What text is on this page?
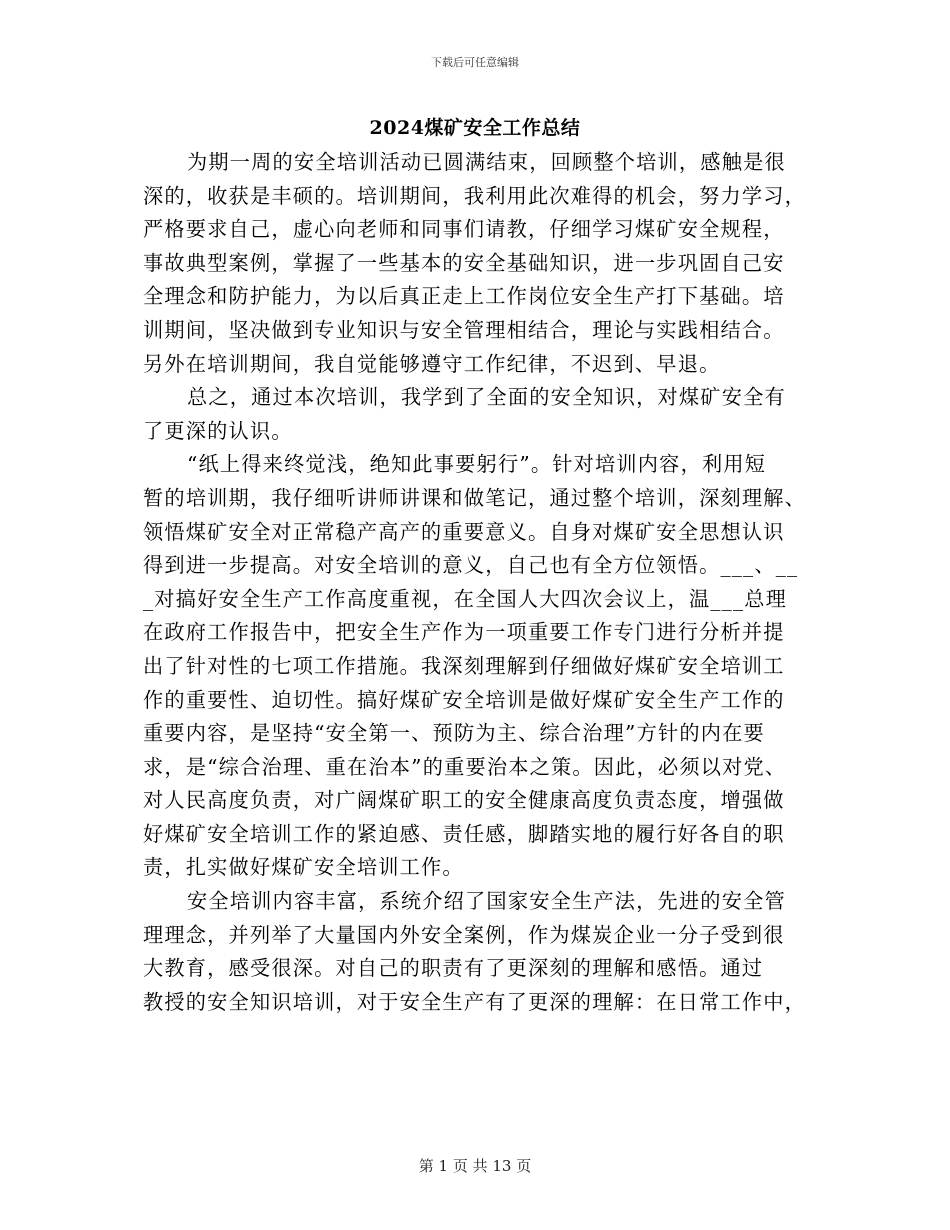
下载后可任意编辑
2024煤矿安全工作总结
为期一周的安全培训活动已圆满结束，回顾整个培训，感触是很
深的，收获是丰硕的。培训期间，我利用此次难得的机会，努力学习，
严格要求自己，虚心向老师和同事们请教，仔细学习煤矿安全规程，
事故典型案例，掌握了一些基本的安全基础知识，进一步巩固自己安
全理念和防护能力，为以后真正走上工作岗位安全生产打下基础。培
训期间，坚决做到专业知识与安全管理相结合，理论与实践相结合。
另外在培训期间，我自觉能够遵守工作纪律，不迟到、早退。
总之，通过本次培训，我学到了全面的安全知识，对煤矿安全有
了更深的认识。
“纸上得来终觉浅，绝知此事要躬行”。针对培训内容，利用短
暂的培训期，我仔细听讲师讲课和做笔记，通过整个培训，深刻理解、
领悟煤矿安全对正常稳产高产的重要意义。自身对煤矿安全思想认识
得到进一步提高。对安全培训的意义，自己也有全方位领悟。___、__
_对搞好安全生产工作高度重视，在全国人大四次会议上，温___总理
在政府工作报告中，把安全生产作为一项重要工作专门进行分析并提
出了针对性的七项工作措施。我深刻理解到仔细做好煤矿安全培训工
作的重要性、迫切性。搞好煤矿安全培训是做好煤矿安全生产工作的
重要内容，是坚持“安全第一、预防为主、综合治理”方针的内在要
求，是“综合治理、重在治本”的重要治本之策。因此，必须以对党、
对人民高度负责，对广阔煤矿职工的安全健康高度负责态度，增强做
好煤矿安全培训工作的紧迫感、责任感，脚踏实地的履行好各自的职
责，扎实做好煤矿安全培训工作。
安全培训内容丰富，系统介绍了国家安全生产法，先进的安全管
理理念，并列举了大量国内外安全案例，作为煤炭企业一分子受到很
大教育，感受很深。对自己的职责有了更深刻的理解和感悟。通过
教授的安全知识培训，对于安全生产有了更深的理解：在日常工作中，
第 1 页 共 13 页
